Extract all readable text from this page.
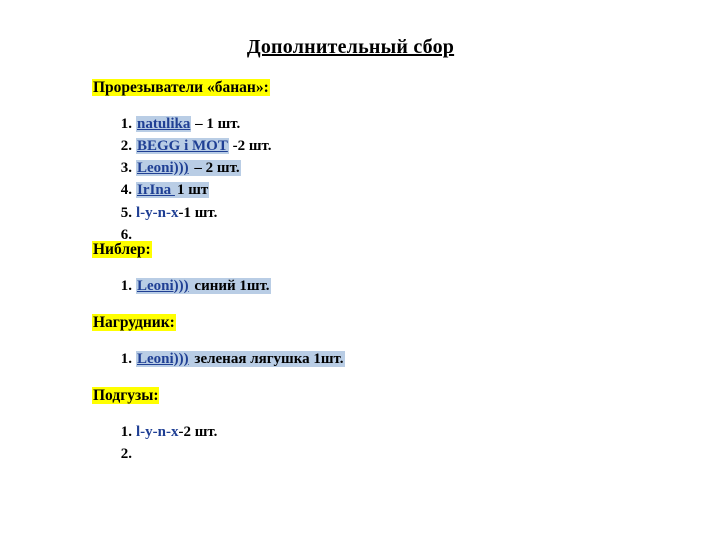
Дополнительный сбор
Прорезыватели «банан»:
natulika – 1 шт.
BEGG i MOT -2 шт.
Leoni))) – 2 шт.
IrIna 1 шт
l-y-n-x-1 шт.
Ниблер:
Leoni))) синий 1шт.
Нагрудник:
Leoni))) зеленая лягушка 1шт.
Подгузы:
l-y-n-x-2 шт.
